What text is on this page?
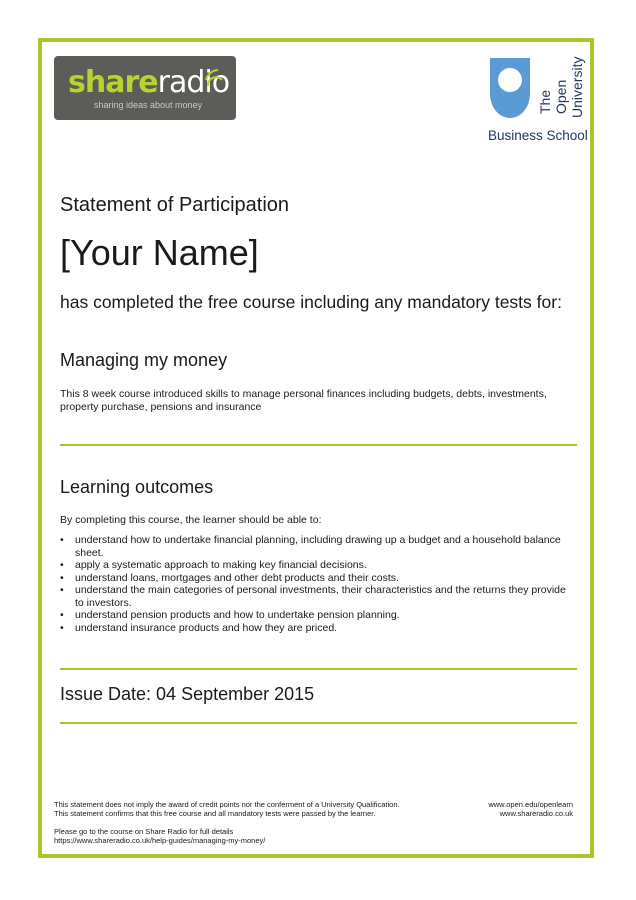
shareradio
sharing ideas about money	The Open University
Business School
Statement of Participation
[Your Name]
has completed the free course including any mandatory tests for:
Managing my money
This 8 week course introduced skills to manage personal finances including budgets, debts, investments, property purchase, pensions and insurance
Learning outcomes
By completing this course, the learner should be able to:
• understand how to undertake financial planning, including drawing up a budget and a household balance sheet.
• apply a systematic approach to making key financial decisions.
• understand loans, mortgages and other debt products and their costs.
• understand the main categories of personal investments, their characteristics and the returns they provide to investors.
• understand pension products and how to undertake pension planning.
• understand insurance products and how they are priced.
Issue Date: 04 September 2015
This statement does not imply the award of credit points nor the conferment of a University Qualification.
This statement confirms that this free course and all mandatory tests were passed by the learner.
www.open.edu/openlearn
www.shareradio.co.uk
Please go to the course on Share Radio for full details
https://www.shareradio.co.uk/help-guides/managing-my-money/
